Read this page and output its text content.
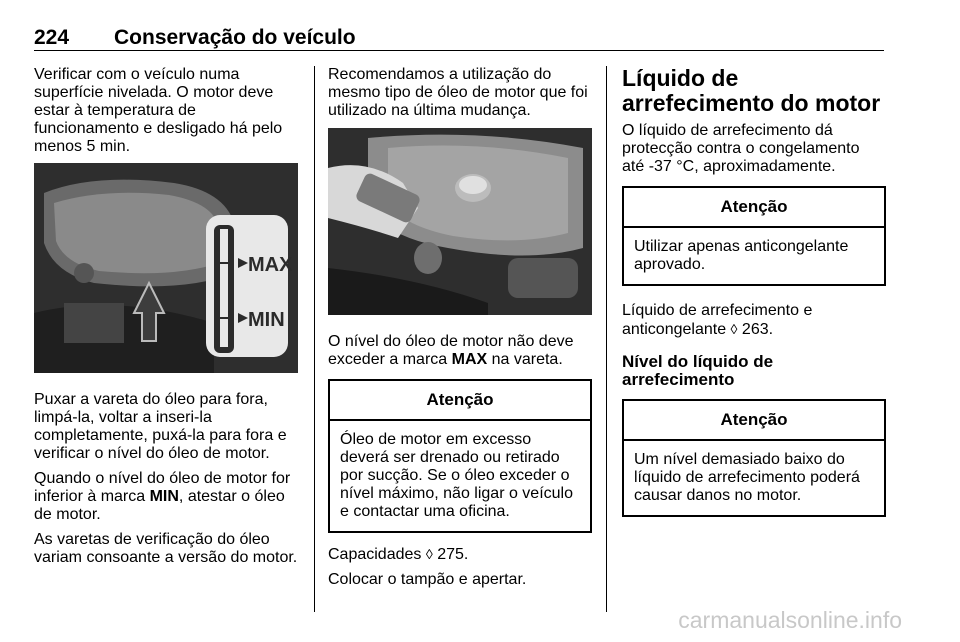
224 Conservação do veículo

Verificar com o veículo numa superfície nivelada. O motor deve estar à temperatura de funcionamento e desligado há pelo menos 5 min.

MAX
MIN

Puxar a vareta do óleo para fora, limpá-la, voltar a inseri-la completamente, puxá-la para fora e verificar o nível do óleo de motor.

Quando o nível do óleo de motor for inferior à marca MIN, atestar o óleo de motor.

As varetas de verificação do óleo variam consoante a versão do motor.

Recomendamos a utilização do mesmo tipo de óleo de motor que foi utilizado na última mudança.

O nível do óleo de motor não deve exceder a marca MAX na vareta.

Atenção
Óleo de motor em excesso deverá ser drenado ou retirado por sucção. Se o óleo exceder o nível máximo, não ligar o veículo e contactar uma oficina.

Capacidades ◊ 275.

Colocar o tampão e apertar.

Líquido de arrefecimento do motor

O líquido de arrefecimento dá protecção contra o congelamento até -37 °C, aproximadamente.

Atenção
Utilizar apenas anticongelante aprovado.

Líquido de arrefecimento e anticongelante ◊ 263.

Nível do líquido de arrefecimento
Atenção
Um nível demasiado baixo do líquido de arrefecimento poderá causar danos no motor.
carmanualsonline.info
